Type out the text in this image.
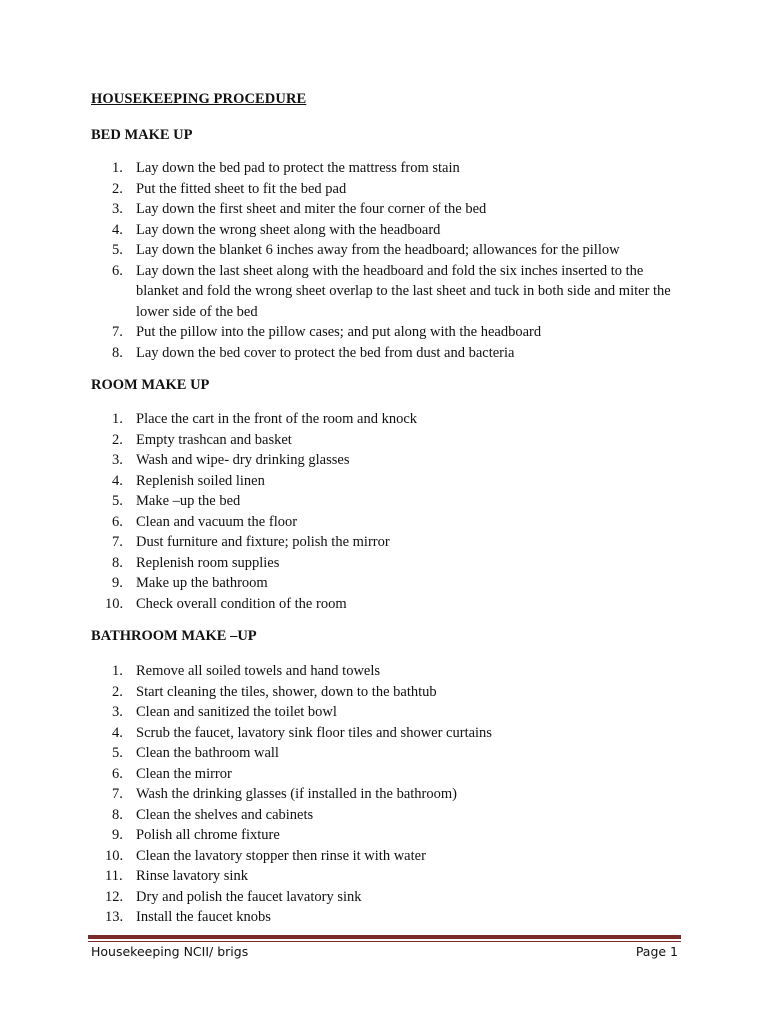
HOUSEKEEPING PROCEDURE
BED MAKE UP
1. Lay down the bed pad to protect the mattress from stain
2. Put the fitted sheet to fit the bed pad
3. Lay down the first sheet and miter the four corner of the bed
4. Lay down the wrong sheet along with the headboard
5. Lay down the blanket 6 inches away from the headboard; allowances for the pillow
6. Lay down the last sheet along with the headboard and fold the six inches inserted to the blanket and fold the wrong sheet overlap to the last sheet and tuck in both side and miter the lower side of the bed
7. Put the pillow into the pillow cases; and put along with the headboard
8. Lay down the bed cover to protect the bed from dust and bacteria
ROOM MAKE UP
1. Place the cart in the front of the room and knock
2. Empty trashcan and basket
3. Wash and wipe- dry drinking glasses
4. Replenish soiled linen
5. Make –up the bed
6. Clean and vacuum the floor
7. Dust furniture and fixture; polish the mirror
8. Replenish room supplies
9. Make up the bathroom
10. Check overall condition of the room
BATHROOM MAKE –UP
1. Remove all soiled towels and hand towels
2. Start cleaning the tiles, shower, down to the bathtub
3. Clean and sanitized the toilet bowl
4. Scrub the faucet, lavatory sink floor tiles and shower curtains
5. Clean the bathroom wall
6. Clean the mirror
7. Wash the drinking glasses (if installed in the bathroom)
8. Clean the shelves and cabinets
9. Polish all chrome fixture
10. Clean the lavatory stopper then rinse it with water
11. Rinse lavatory sink
12. Dry and polish the faucet lavatory sink
13. Install the faucet knobs
Housekeeping NCII/ brigs	Page 1
